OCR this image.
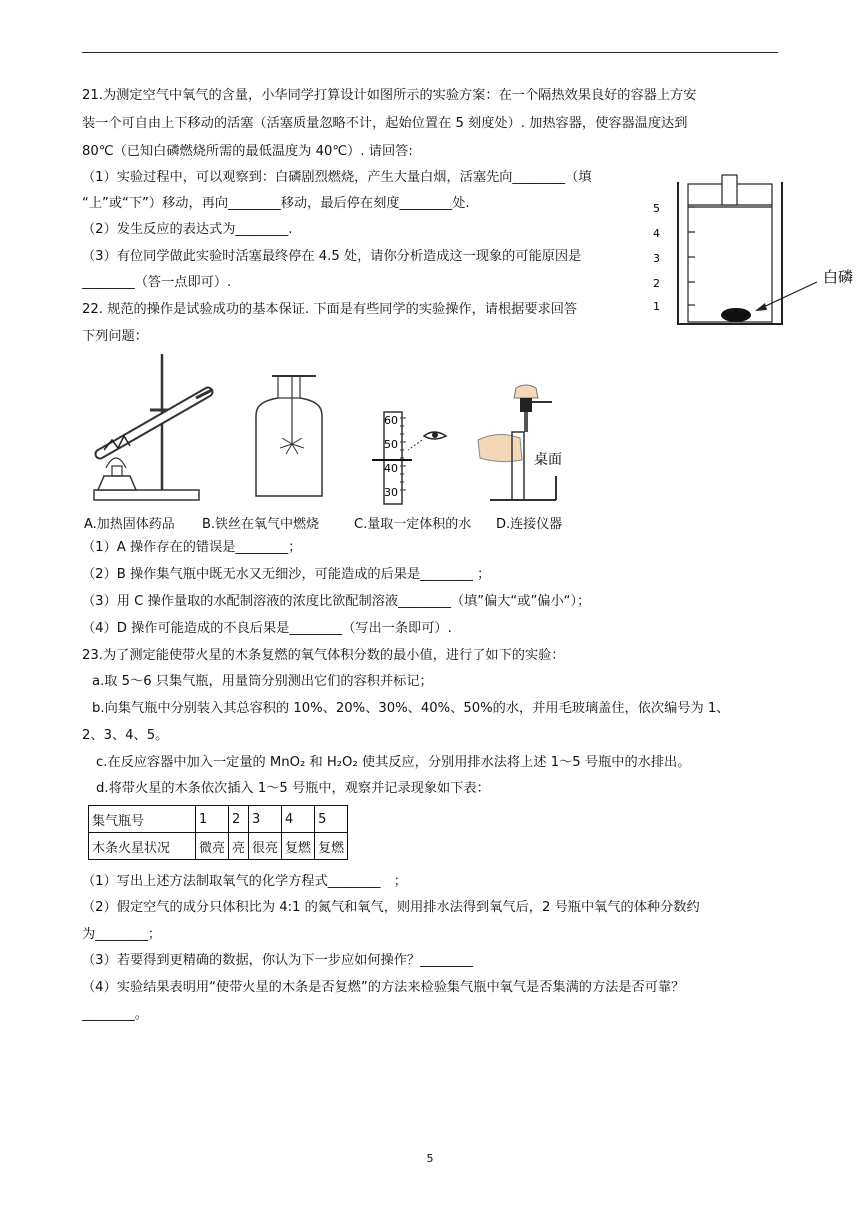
21.为测定空气中氧气的含量，小华同学打算设计如图所示的实验方案：在一个隔热效果良好的容器上方安
装一个可自由上下移动的活塞（活塞质量忽略不计，起始位置在 5 刻度处）. 加热容器，使容器温度达到
80℃（已知白磷燃烧所需的最低温度为 40℃）. 请回答:
（1）实验过程中，可以观察到：白磷剧烈燃烧，产生大量白烟，活塞先向________（填
“上”或“下”）移动，再向________移动，最后停在刻度________处.
（2）发生反应的表达式为________.
（3）有位同学做此实验时活塞最终停在 4.5 处，请你分析造成这一现象的可能原因是
________（答一点即可）.
5
4
3
2
1
白磷
22. 规范的操作是试验成功的基本保证. 下面是有些同学的实验操作，请根据要求回答
下列问题：
60
50
40
30
桌面
A.加热固体药品 B.铁丝在氧气中燃烧	C.量取一定体积的水 D.连接仪器
（1）A 操作存在的错误是________；
（2）B 操作集气瓶中既无水又无细沙，可能造成的后果是________ ；
（3）用 C 操作量取的水配制溶液的浓度比欲配制溶液________（填”偏大“或”偏小“）；
（4）D 操作可能造成的不良后果是________（写出一条即可）.
23.为了测定能使带火星的木条复燃的氧气体积分数的最小值，进行了如下的实验：
a.取 5～6 只集气瓶，用量筒分别测出它们的容积并标记；
b.向集气瓶中分别装入其总容积的 10%、20%、30%、40%、50%的水，并用毛玻璃盖住，依次编号为 1、
2、3、4、5。
c.在反应容器中加入一定量的 MnO₂ 和 H₂O₂ 使其反应，分别用排水法将上述 1～5 号瓶中的水排出。
d.将带火星的木条依次插入 1～5 号瓶中，观察并记录现象如下表：
集气瓶号	1	2	3	4	5
木条火星状况	微亮	亮	很亮	复燃	复燃
（1）写出上述方法制取氧气的化学方程式________　；
（2）假定空气的成分只体积比为 4:1 的氮气和氧气，则用排水法得到氧气后，2 号瓶中氧气的体种分数约
为________；
（3）若要得到更精确的数据，你认为下一步应如何操作？________
（4）实验结果表明用“使带火星的木条是否复燃”的方法来检验集气瓶中氧气是否集满的方法是否可靠？
________。
5
